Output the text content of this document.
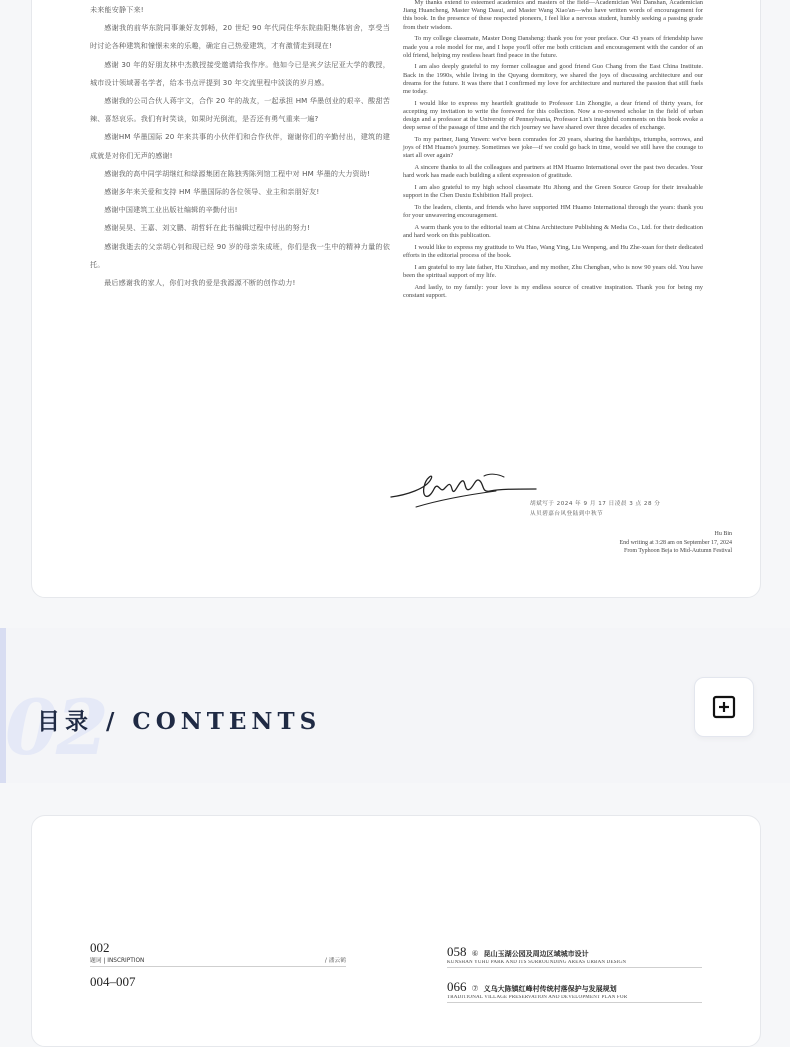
未来能安静下来!

感谢我的前华东院同事兼好友郭畅，20 世纪 90 年代同住华东院曲阳集体宿舍，享受当时讨论各种建筑和憧憬未来的乐趣，确定自己热爱建筑，才有激情走到现在!

感谢 30 年的好朋友林中杰教授接受邀请给我作序。他如今已是宾夕法尼亚大学的教授，城市设计领域著名学者，给本书点评提到 30 年交流里程中淡淡的岁月感。

感谢我的公司合伙人蒋宇文，合作 20 年的战友，一起承担 HM 华墨创业的艰辛、酸甜苦辣、喜怒哀乐。我们有时笑谈，如果时光倒流，是否还有勇气重来一遍?

感谢HM 华墨国际 20 年来共事的小伙伴们和合作伙伴，谢谢你们的辛勤付出，建筑的建成就是对你们无声的感谢!

感谢我的高中同学胡继红和绿源集团在陈独秀陈列馆工程中对 HM 华墨的大力资助!

感谢多年来关爱和支持 HM 华墨国际的各位领导、业主和亲朋好友!

感谢中国建筑工业出版社编辑的辛勤付出!

感谢吴昊、王嘉、刘文鹏、胡哲轩在此书编辑过程中付出的努力!

感谢我逝去的父亲胡心钊和现已经 90 岁的母亲朱成班，你们是我一生中的精神力量的依托。

最后感谢我的家人，你们对我的爱是我源源不断的创作动力!

My thanks extend to esteemed academics and masters of the field—Academician Wei Danshan, Academician Jiang Huancheng, Master Wang Dasui, and Master Wang Xiao'an—who have written words of encouragement for this book. In the presence of these respected pioneers, I feel like a nervous student, humbly seeking a passing grade from their wisdom.

To my college classmate, Master Dong Dansheng: thank you for your preface. Our 43 years of friendship have made you a role model for me, and I hope you'll offer me both criticism and encouragement with the candor of an old friend, helping my restless heart find peace in the future.

I am also deeply grateful to my former colleague and good friend Guo Chang from the East China Institute. Back in the 1990s, while living in the Quyang dormitory, we shared the joys of discussing architecture and our dreams for the future. It was there that I confirmed my love for architecture and nurtured the passion that still fuels me today.

I would like to express my heartfelt gratitude to Professor Lin Zhongjie, a dear friend of thirty years, for accepting my invitation to write the foreword for this collection. Now a re-nowned scholar in the field of urban design and a professor at the University of Pennsylvania, Professor Lin's insightful comments on this book evoke a deep sense of the passage of time and the rich journey we have shared over three decades of exchange.

To my partner, Jiang Yuwen: we've been comrades for 20 years, sharing the hardships, triumphs, sorrows, and joys of HM Huamo's journey. Sometimes we joke—if we could go back in time, would we still have the courage to start all over again?

A sincere thanks to all the colleagues and partners at HM Huamo International over the past two decades. Your hard work has made each building a silent expression of gratitude.

I am also grateful to my high school classmate Hu Jihong and the Green Source Group for their invaluable support in the Chen Duxiu Exhibition Hall project.

To the leaders, clients, and friends who have supported HM Huamo International through the years: thank you for your unwavering encouragement.

A warm thank you to the editorial team at China Architecture Publishing & Media Co., Ltd. for their dedication and hard work on this publication.

I would like to express my gratitude to Wu Hao, Wang Ying, Liu Wenpeng, and Hu Zhe-xuan for their dedicated efforts in the editorial process of the book.

I am grateful to my late father, Hu Xinzhao, and my mother, Zhu Chengban, who is now 90 years old. You have been the spiritual support of my life.

And lastly, to my family: your love is my endless source of creative inspiration. Thank you for being my constant support.

胡斌写于 2024 年 9 月 17 日凌晨 3 点 28 分
从贝碧嘉台风登陆到中秋节
Hu Bin
End writing at 3:28 am on September 17, 2024
From Typhoon Beja to Mid-Autumn Festival
02
目录 / CONTENTS
002
题词 | INSCRIPTION	/ 潘云鹤
004–007
058 ⑥ 昆山玉湖公园及周边区域城市设计
KUNSHAN YUHU PARK AND ITS SURROUNDING AREAS URBAN DESIGN
066 ⑦ 义乌大陈镇红峰村传统村落保护与发展规划
TRADITIONAL VILLAGE PRESERVATION AND DEVELOPMENT PLAN FOR
